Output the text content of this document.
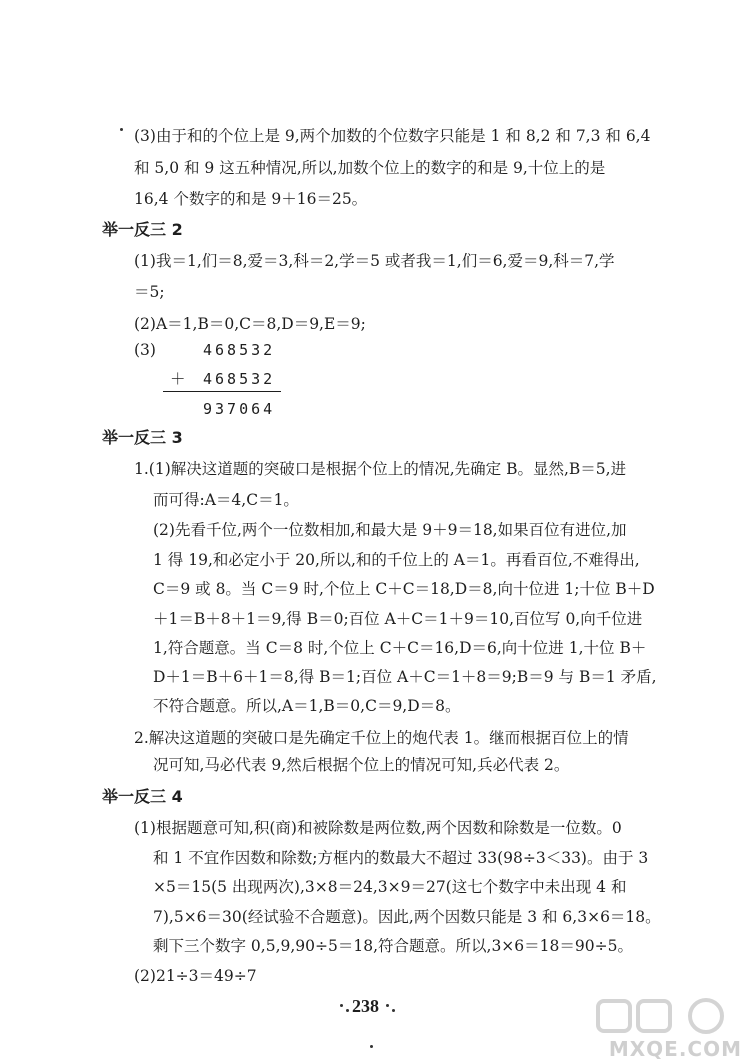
(3)由于和的个位上是 9,两个加数的个位数字只能是 1 和 8,2 和 7,3 和 6,4
和 5,0 和 9 这五种情况,所以,加数个位上的数字的和是 9,十位上的是
16,4 个数字的和是 9＋16＝25。
举一反三 2
(1)我＝1,们＝8,爱＝3,科＝2,学＝5 或者我＝1,们＝6,爱＝9,科＝7,学
＝5;
(2)A＝1,B＝0,C＝8,D＝9,E＝9;
(3)	468532
＋ 468532
937064
举一反三 3
1.(1)解决这道题的突破口是根据个位上的情况,先确定 B。显然,B＝5,进
而可得:A＝4,C＝1。
(2)先看千位,两个一位数相加,和最大是 9＋9＝18,如果百位有进位,加
1 得 19,和必定小于 20,所以,和的千位上的 A＝1。再看百位,不难得出,
C＝9 或 8。当 C＝9 时,个位上 C＋C＝18,D＝8,向十位进 1;十位 B＋D
＋1＝B＋8＋1＝9,得 B＝0;百位 A＋C＝1＋9＝10,百位写 0,向千位进
1,符合题意。当 C＝8 时,个位上 C＋C＝16,D＝6,向十位进 1,十位 B＋
D＋1＝B＋6＋1＝8,得 B＝1;百位 A＋C＝1＋8＝9;B＝9 与 B＝1 矛盾,
不符合题意。所以,A＝1,B＝0,C＝9,D＝8。
2.解决这道题的突破口是先确定千位上的炮代表 1。继而根据百位上的情
况可知,马必代表 9,然后根据个位上的情况可知,兵必代表 2。
举一反三 4
(1)根据题意可知,积(商)和被除数是两位数,两个因数和除数是一位数。0
和 1 不宜作因数和除数;方框内的数最大不超过 33(98÷3＜33)。由于 3
×5＝15(5 出现两次),3×8＝24,3×9＝27(这七个数字中未出现 4 和
7),5×6＝30(经试验不合题意)。因此,两个因数只能是 3 和 6,3×6＝18。
剩下三个数字 0,5,9,90÷5＝18,符合题意。所以,3×6＝18＝90÷5。
(2)21÷3＝49÷7
238
MXQE.COM
